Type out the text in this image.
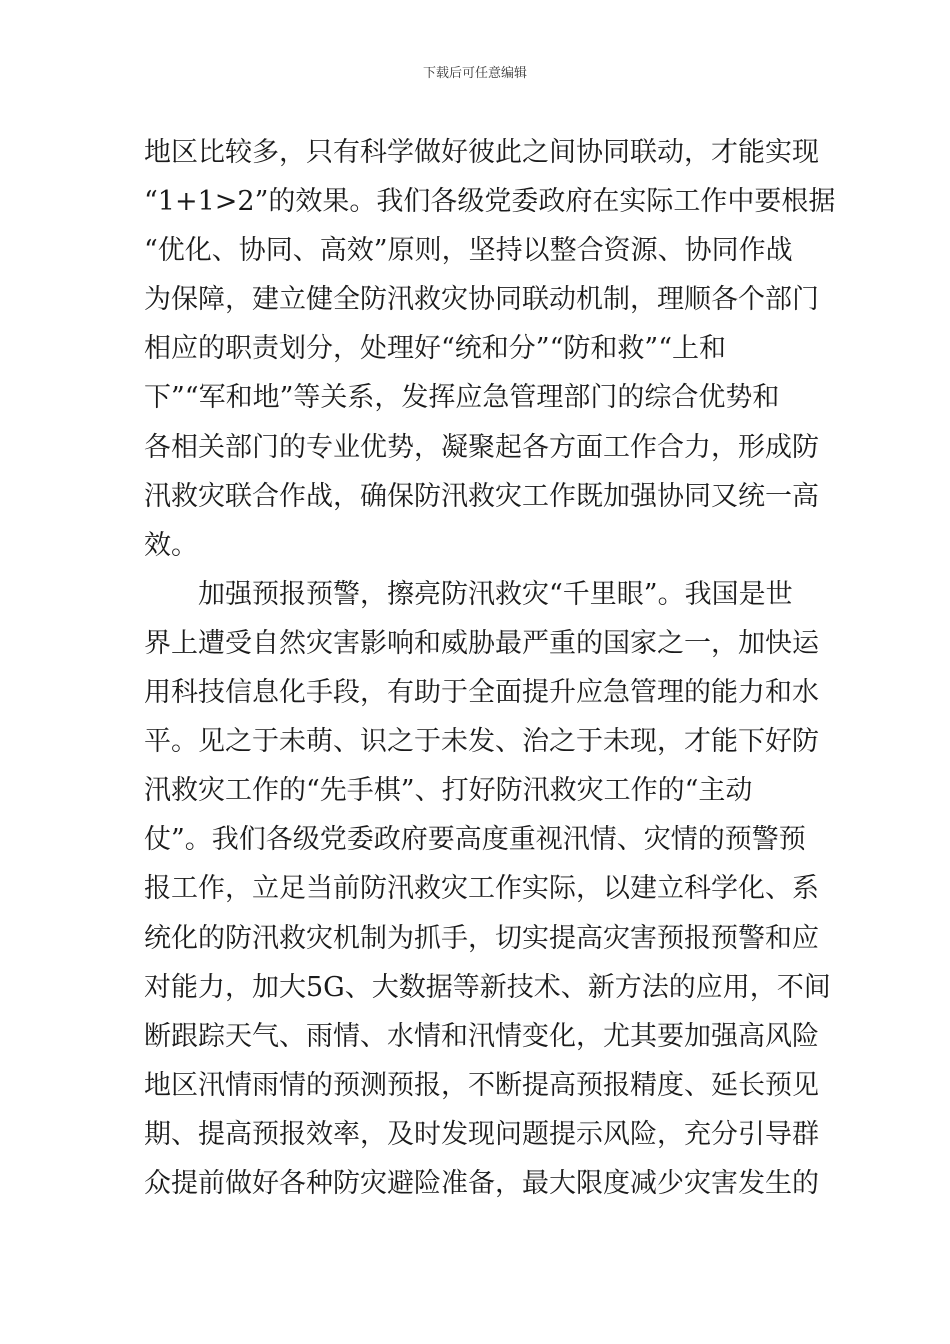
下载后可任意编辑
地区比较多，只有科学做好彼此之间协同联动，才能实现
“1+1>2”的效果。我们各级党委政府在实际工作中要根据
“优化、协同、高效”原则，坚持以整合资源、协同作战
为保障，建立健全防汛救灾协同联动机制，理顺各个部门
相应的职责划分，处理好“统和分”“防和救”“上和
下”“军和地”等关系，发挥应急管理部门的综合优势和
各相关部门的专业优势，凝聚起各方面工作合力，形成防
汛救灾联合作战，确保防汛救灾工作既加强协同又统一高
效。
加强预报预警，擦亮防汛救灾“千里眼”。我国是世
界上遭受自然灾害影响和威胁最严重的国家之一，加快运
用科技信息化手段，有助于全面提升应急管理的能力和水
平。见之于未萌、识之于未发、治之于未现，才能下好防
汛救灾工作的“先手棋”、打好防汛救灾工作的“主动
仗”。我们各级党委政府要高度重视汛情、灾情的预警预
报工作，立足当前防汛救灾工作实际，以建立科学化、系
统化的防汛救灾机制为抓手，切实提高灾害预报预警和应
对能力，加大5G、大数据等新技术、新方法的应用，不间
断跟踪天气、雨情、水情和汛情变化，尤其要加强高风险
地区汛情雨情的预测预报，不断提高预报精度、延长预见
期、提高预报效率，及时发现问题提示风险，充分引导群
众提前做好各种防灾避险准备，最大限度减少灾害发生的
